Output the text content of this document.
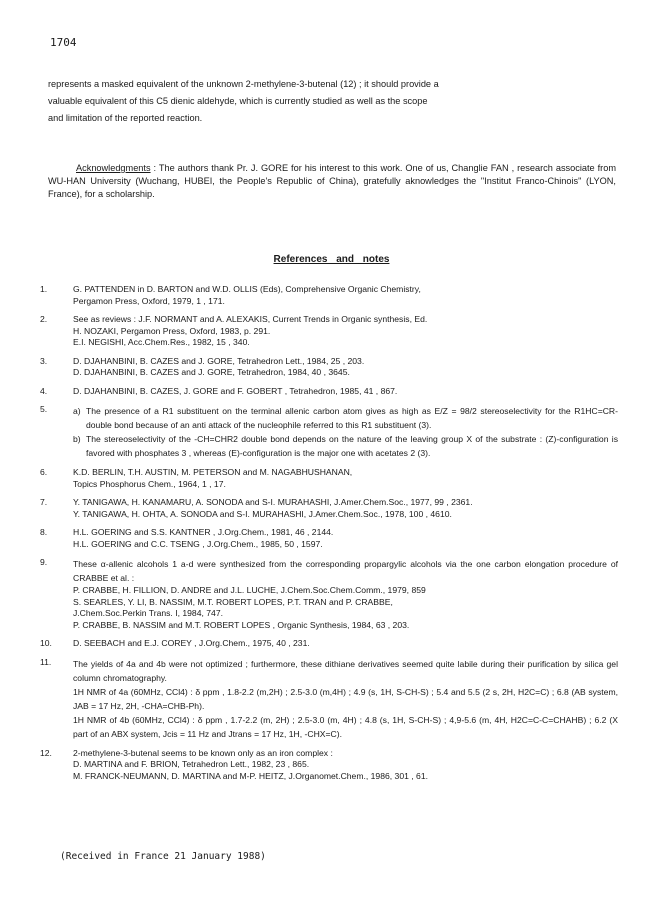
1704

represents a masked equivalent of the unknown 2-methylene-3-butenal (12) ; it should provide a

valuable equivalent of this C5 dienic aldehyde, which is currently studied as well as the scope

and limitation of the reported reaction.

Acknowledgments : The authors thank Pr. J. GORE for his interest to this work. One of us, Changlie FAN , research associate from WU-HAN University (Wuchang, HUBEI, the People's Republic of China), gratefully aknowledges the "Institut Franco-Chinois" (LYON, France), for a scholarship.

References and notes
1.	G. PATTENDEN in D. BARTON and W.D. OLLIS (Eds), Comprehensive Organic Chemistry,
Pergamon Press, Oxford, 1979, 1 , 171.
2.	See as reviews : J.F. NORMANT and A. ALEXAKIS, Current Trends in Organic synthesis, Ed.
H. NOZAKI, Pergamon Press, Oxford, 1983, p. 291.
E.I. NEGISHI, Acc.Chem.Res., 1982, 15 , 340.
3.	D. DJAHANBINI, B. CAZES and J. GORE, Tetrahedron Lett., 1984, 25 , 203.
D. DJAHANBINI, B. CAZES and J. GORE, Tetrahedron, 1984, 40 , 3645.
4.	D. DJAHANBINI, B. CAZES, J. GORE and F. GOBERT , Tetrahedron, 1985, 41 , 867.
5.	a) The presence of a R1 substituent on the terminal allenic carbon atom gives as high as E/Z = 98/2 stereoselectivity for the R1HC=CR- double bond because of an anti attack of the nucleophile referred to this R1 substituent (3).
b) The stereoselectivity of the -CH=CHR2 double bond depends on the nature of the leaving group X of the substrate : (Z)-configuration is favored with phosphates 3 , whereas (E)-configuration is the major one with acetates 2 (3).
6.	K.D. BERLIN, T.H. AUSTIN, M. PETERSON and M. NAGABHUSHANAN,
Topics Phosphorus Chem., 1964, 1 , 17.
7.	Y. TANIGAWA, H. KANAMARU, A. SONODA and S-I. MURAHASHI, J.Amer.Chem.Soc., 1977, 99 , 2361.
Y. TANIGAWA, H. OHTA, A. SONODA and S-I. MURAHASHI, J.Amer.Chem.Soc., 1978, 100 , 4610.
8.	H.L. GOERING and S.S. KANTNER , J.Org.Chem., 1981, 46 , 2144.
H.L. GOERING and C.C. TSENG , J.Org.Chem., 1985, 50 , 1597.
9.	These α-allenic alcohols 1 a-d were synthesized from the corresponding propargylic alcohols via the one carbon elongation procedure of CRABBE et al. :
P. CRABBE, H. FILLION, D. ANDRE and J.L. LUCHE, J.Chem.Soc.Chem.Comm., 1979, 859
S. SEARLES, Y. LI, B. NASSIM, M.T. ROBERT LOPES, P.T. TRAN and P. CRABBE,
J.Chem.Soc.Perkin Trans. I, 1984, 747.
P. CRABBE, B. NASSIM and M.T. ROBERT LOPES , Organic Synthesis, 1984, 63 , 203.
10.	D. SEEBACH and E.J. COREY , J.Org.Chem., 1975, 40 , 231.
11.	The yields of 4a and 4b were not optimized ; furthermore, these dithiane derivatives seemed quite labile during their purification by silica gel column chromatography.
1H NMR of 4a (60MHz, CCl4) : δ ppm , 1.8-2.2 (m,2H) ; 2.5-3.0 (m,4H) ; 4.9 (s, 1H, S-CH-S) ; 5.4 and 5.5 (2 s, 2H, H2C=C) ; 6.8 (AB system, JAB = 17 Hz, 2H, -CHA=CHB-Ph).
1H NMR of 4b (60MHz, CCl4) : δ ppm , 1.7-2.2 (m, 2H) ; 2.5-3.0 (m, 4H) ; 4.8 (s, 1H, S-CH-S) ; 4,9-5.6 (m, 4H, H2C=C-C=CHAHB) ; 6.2 (X part of an ABX system, Jcis = 11 Hz and Jtrans = 17 Hz, 1H, -CHX=C).
12.	2-methylene-3-butenal seems to be known only as an iron complex :
D. MARTINA and F. BRION, Tetrahedron Lett., 1982, 23 , 865.
M. FRANCK-NEUMANN, D. MARTINA and M-P. HEITZ, J.Organomet.Chem., 1986, 301 , 61.
(Received in France 21 January 1988)
